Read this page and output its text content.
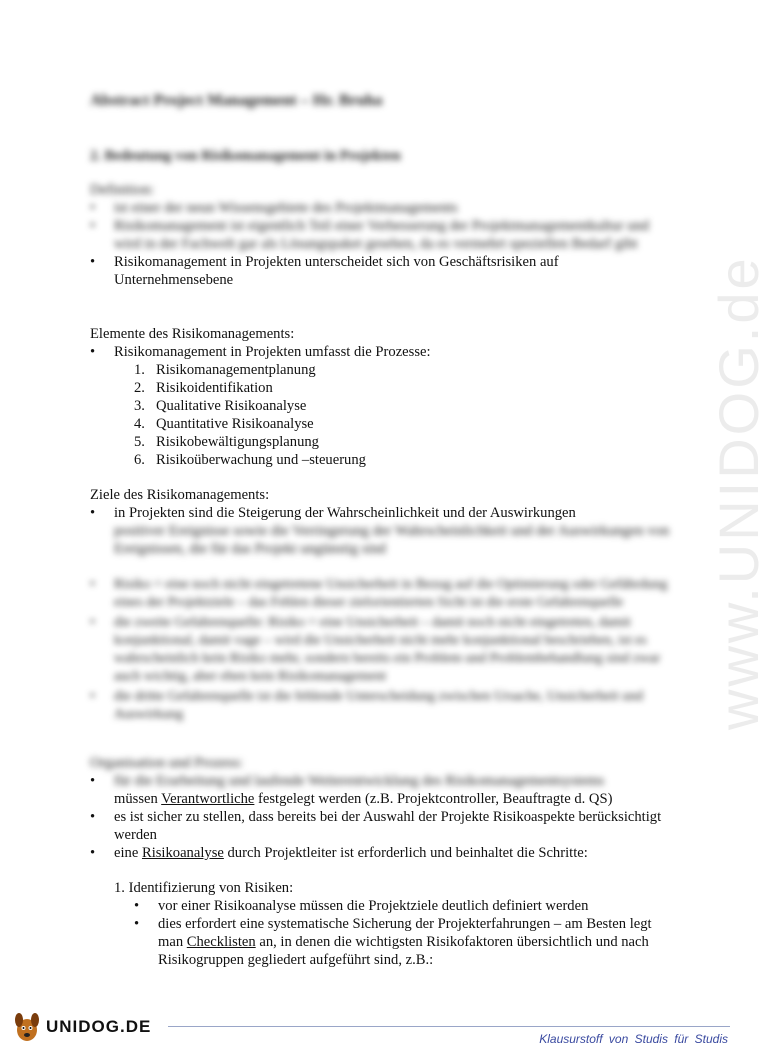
www.UNIDOG.de
Abstract Project Management – Hr. Bruha
2. Bedeutung von Risikomanagement in Projekten

Definition:

• ist einer der neun Wissensgebiete des Projektmanagements
• Risikomanagement ist eigentlich Teil einer Verbesserung der Projektmanagementkultur und wird in der Fachwelt gar als Lösungspaket gesehen, da es vermehrt speziellen Bedarf gibt
• Risikomanagement in Projekten unterscheidet sich von Geschäftsrisiken auf Unternehmensebene

Elemente des Risikomanagements:

• Risikomanagement in Projekten umfasst die Prozesse:
1. Risikomanagementplanung
2. Risikoidentifikation
3. Qualitative Risikoanalyse
4. Quantitative Risikoanalyse
5. Risikobewältigungsplanung
6. Risikoüberwachung und –steuerung

Ziele des Risikomanagements:

• in Projekten sind die Steigerung der Wahrscheinlichkeit und der Auswirkungen
positiver Ereignisse sowie die Verringerung der Wahrscheinlichkeit und der Auswirkungen von Ereignissen, die für das Projekt ungünstig sind
• Risiko = eine noch nicht eingetretene Unsicherheit in Bezug auf die Optimierung oder Gefährdung eines der Projektziele – das Fehlen dieser zielorientierten Sicht ist die erste Gefahrenquelle
• die zweite Gefahrenquelle: Risiko = eine Unsicherheit – damit noch nicht eingetreten, damit konjunktional, damit vage – wird die Unsicherheit nicht mehr konjunktional beschrieben, ist es wahrscheinlich kein Risiko mehr, sondern bereits ein Problem und Problembehandlung sind zwar auch wichtig, aber eben kein Risikomanagement
• die dritte Gefahrenquelle ist die fehlende Unterscheidung zwischen Ursache, Unsicherheit und Auswirkung

Organisation und Prozess:

• für die Erarbeitung und laufende Weiterentwicklung des Risikomanagementsystems
müssen Verantwortliche festgelegt werden (z.B. Projektcontroller, Beauftragte d. QS)
• es ist sicher zu stellen, dass bereits bei der Auswahl der Projekte Risikoaspekte berücksichtigt werden
• eine Risikoanalyse durch Projektleiter ist erforderlich und beinhaltet die Schritte:

1. Identifizierung von Risiken:

• vor einer Risikoanalyse müssen die Projektziele deutlich definiert werden
• dies erfordert eine systematische Sicherung der Projekterfahrungen – am Besten legt man Checklisten an, in denen die wichtigsten Risikofaktoren übersichtlich und nach Risikogruppen gegliedert aufgeführt sind, z.B.:
UNIDOG.DE
Klausurstoff von Studis für Studis
